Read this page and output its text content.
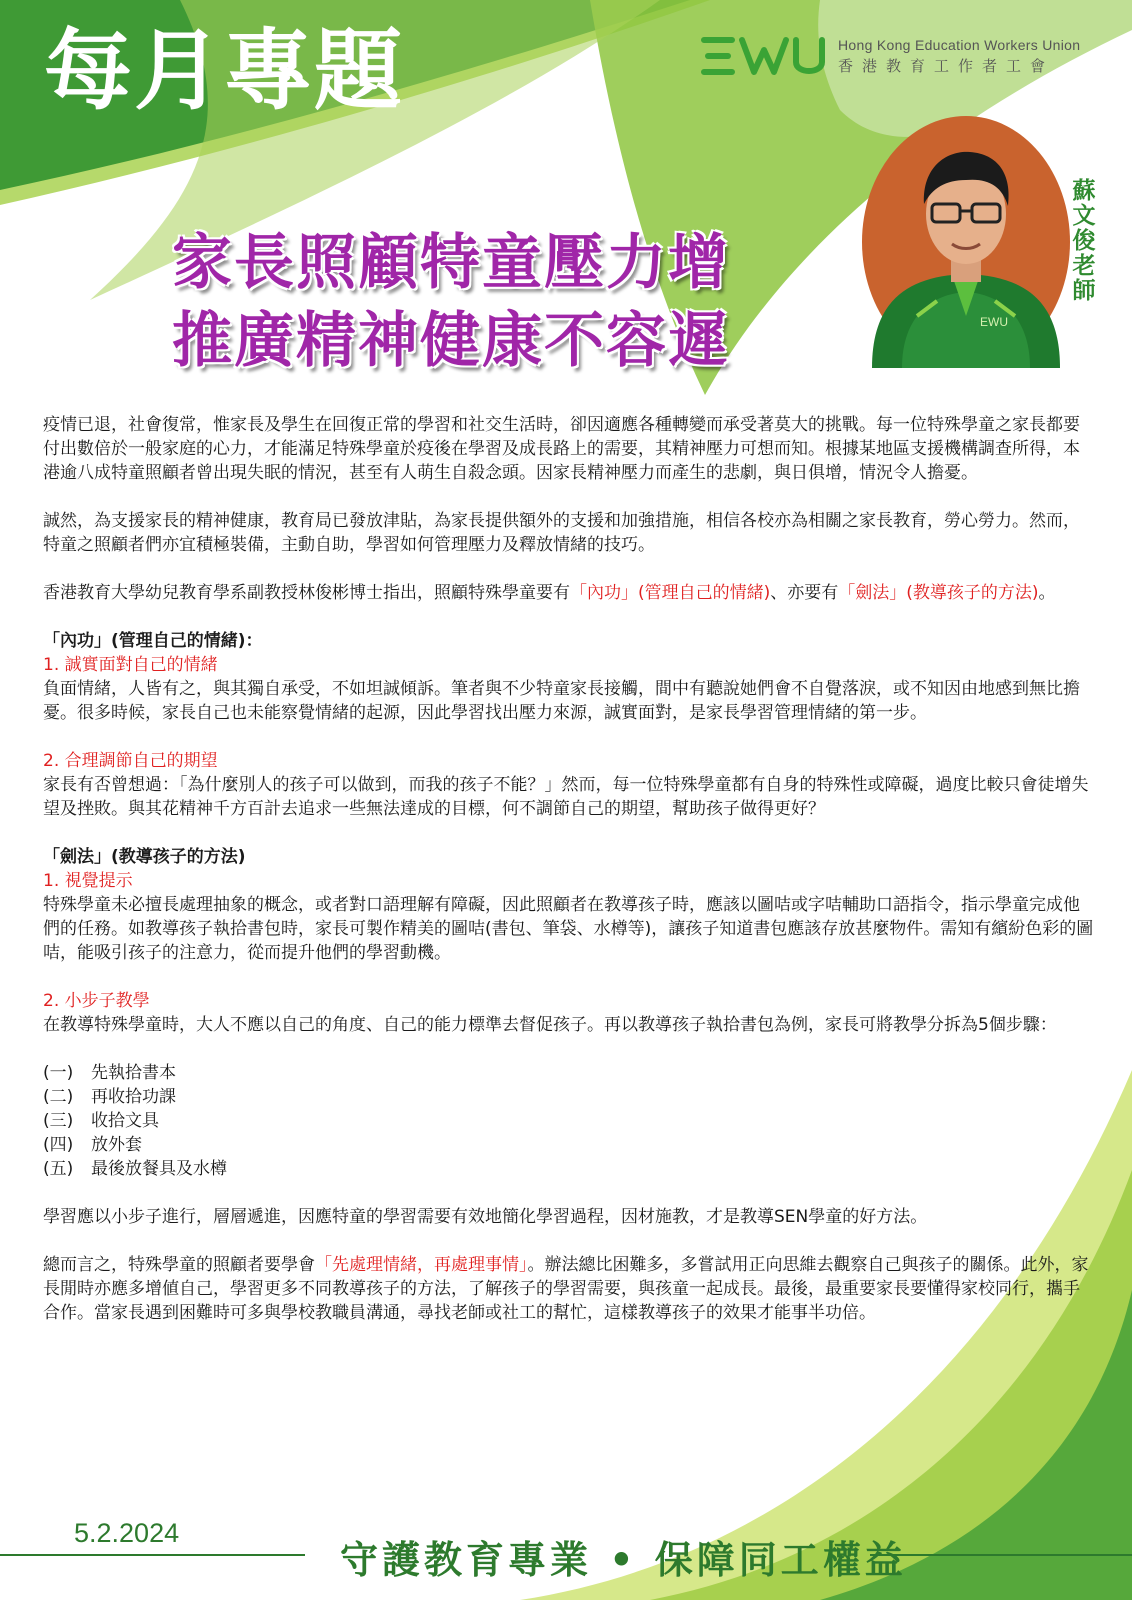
每月專題	Hong Kong Education Workers Union
香港教育工作者工會
家長照顧特童壓力增
推廣精神健康不容遲	EWU
蘇文俊老師

疫情已退，社會復常，惟家長及學生在回復正常的學習和社交生活時，卻因適應各種轉變而承受著莫大的挑戰。每一位特殊學童之家長都要付出數倍於一般家庭的心力，才能滿足特殊學童於疫後在學習及成長路上的需要，其精神壓力可想而知。根據某地區支援機構調查所得，本港逾八成特童照顧者曾出現失眠的情況，甚至有人萌生自殺念頭。因家長精神壓力而產生的悲劇，與日俱增，情況令人擔憂。

誠然，為支援家長的精神健康，教育局已發放津貼，為家長提供額外的支援和加強措施，相信各校亦為相關之家長教育，勞心勞力。然而，特童之照顧者們亦宜積極裝備，主動自助，學習如何管理壓力及釋放情緒的技巧。

香港教育大學幼兒教育學系副教授林俊彬博士指出，照顧特殊學童要有「內功」(管理自己的情緒)、亦要有「劍法」(教導孩子的方法)。

「內功」(管理自己的情緒)：
1. 誠實面對自己的情緒

負面情緒，人皆有之，與其獨自承受，不如坦誠傾訴。筆者與不少特童家長接觸，間中有聽說她們會不自覺落淚，或不知因由地感到無比擔憂。很多時候，家長自己也未能察覺情緒的起源，因此學習找出壓力來源，誠實面對，是家長學習管理情緒的第一步。

2. 合理調節自己的期望

家長有否曾想過：「為什麼別人的孩子可以做到，而我的孩子不能？」然而，每一位特殊學童都有自身的特殊性或障礙，過度比較只會徒增失望及挫敗。與其花精神千方百計去追求一些無法達成的目標，何不調節自己的期望，幫助孩子做得更好？

「劍法」(教導孩子的方法)
1. 視覺提示

特殊學童未必擅長處理抽象的概念，或者對口語理解有障礙，因此照顧者在教導孩子時，應該以圖咭或字咭輔助口語指令，指示學童完成他們的任務。如教導孩子執拾書包時，家長可製作精美的圖咭(書包、筆袋、水樽等)，讓孩子知道書包應該存放甚麼物件。需知有繽紛色彩的圖咭，能吸引孩子的注意力，從而提升他們的學習動機。

2. 小步子教學

在教導特殊學童時，大人不應以自己的角度、自己的能力標準去督促孩子。再以教導孩子執拾書包為例，家長可將教學分拆為5個步驟：

(一) 先執拾書本
(二) 再收拾功課
(三) 收拾文具
(四) 放外套
(五) 最後放餐具及水樽

學習應以小步子進行，層層遞進，因應特童的學習需要有效地簡化學習過程，因材施教，才是教導SEN學童的好方法。

總而言之，特殊學童的照顧者要學會「先處理情緒，再處理事情」。辦法總比困難多，多嘗試用正向思維去觀察自己與孩子的關係。此外，家長閒時亦應多增値自己，學習更多不同教導孩子的方法，了解孩子的學習需要，與孩童一起成長。最後，最重要家長要懂得家校同行，攜手合作。當家長遇到困難時可多與學校教職員溝通，尋找老師或社工的幫忙，這樣教導孩子的效果才能事半功倍。

5.2.2024
守護教育專業 • 保障同工權益
